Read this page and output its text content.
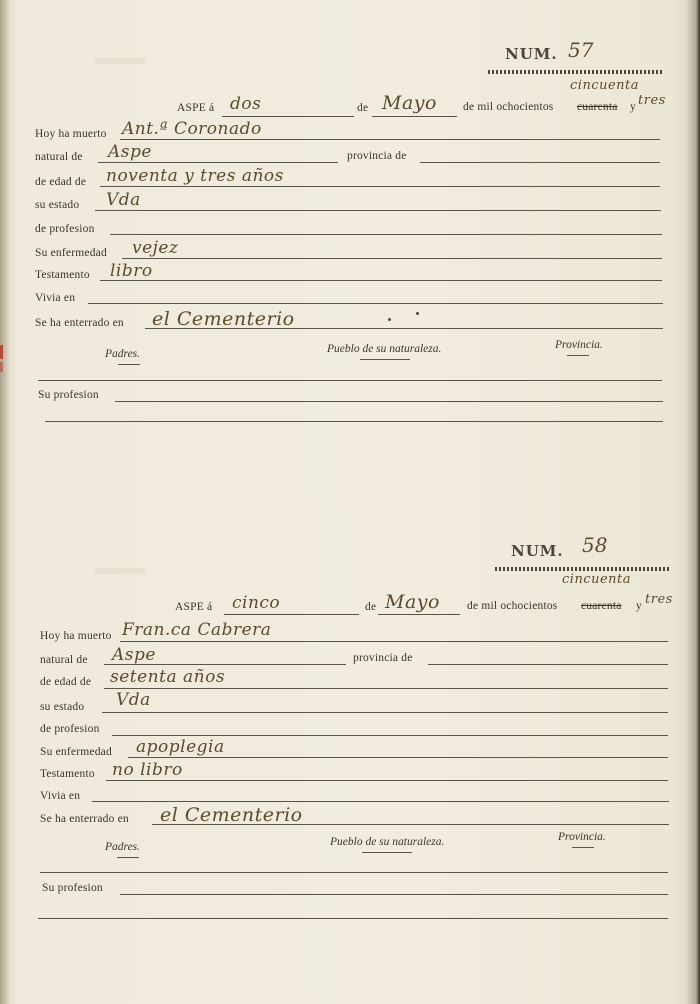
NUM. 57
cincuenta
ASPE á dos	de Mayo de mil ochocientos cuarenta y tres
Hoy ha muerto Ant.ª Coronado
natural de Aspe	provincia de
de edad de noventa y tres años
su estado Vda
de profesion
Su enfermedad vejez
Testamento libro
Vivia en
Se ha enterrado en el Cementerio
Padres.	Pueblo de su naturaleza.	Provincia.
Su profesion
NUM. 58
cincuenta
ASPE á cinco	de Mayo de mil ochocientos cuarenta y tres
Hoy ha muerto Fran.ca Cabrera
natural de Aspe	provincia de
de edad de setenta años
su estado Vda
de profesion
Su enfermedad apoplegia
Testamento no libro
Vivia en
Se ha enterrado en el Cementerio
Padres.	Pueblo de su naturaleza.	Provincia.
Su profesion
